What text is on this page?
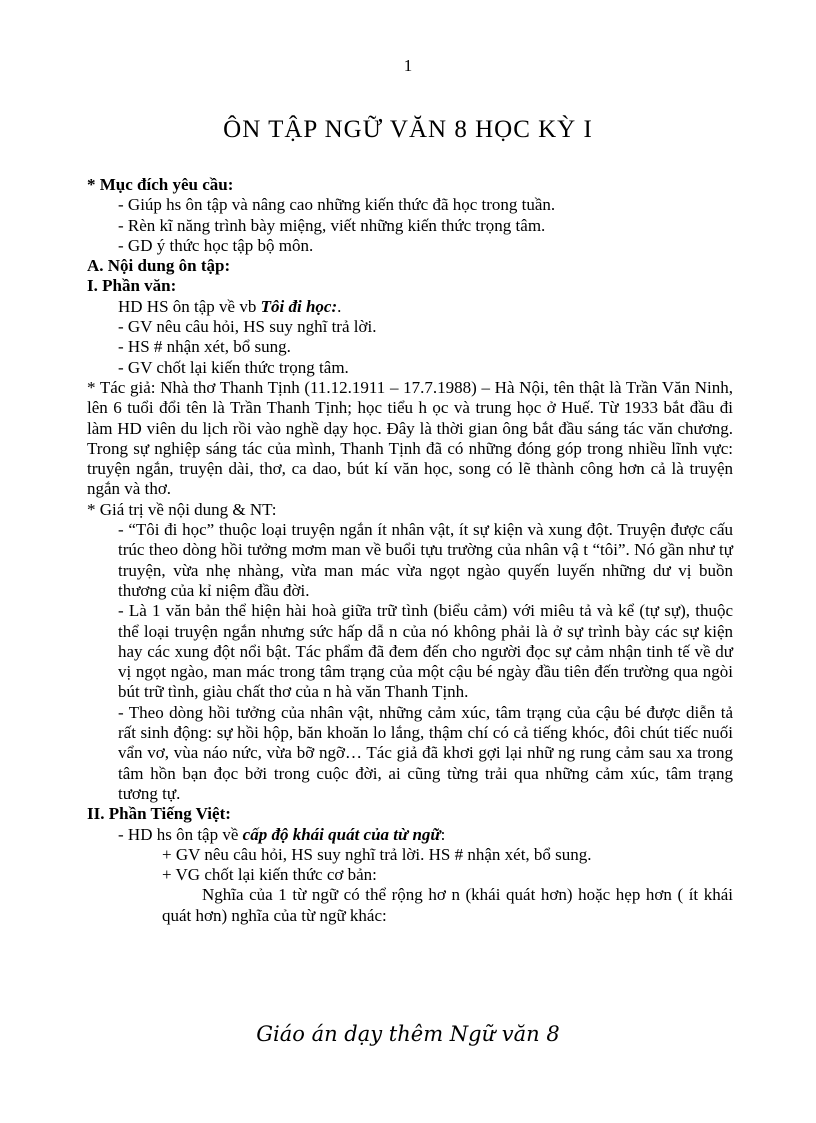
1
ÔN TẬP NGỮ VĂN 8 HỌC KỲ I

* Mục đích yêu cầu:

- Giúp hs ôn tập và nâng cao những kiến thức đã học trong tuần.

- Rèn kĩ năng trình bày miệng, viết những kiến thức trọng tâm.

- GD ý thức học tập bộ môn.

A. Nội dung ôn tập:

I. Phần văn:

HD HS ôn tập về vb Tôi đi học:.

- GV nêu câu hỏi, HS suy nghĩ trả lời.

- HS # nhận xét, bổ sung.

- GV chốt lại kiến thức trọng tâm.

* Tác giả: Nhà thơ Thanh Tịnh (11.12.1911 – 17.7.1988) – Hà Nội, tên thật là Trần Văn Ninh, lên 6 tuổi đổi tên là Trần Thanh Tịnh; học tiểu h ọc và trung học ở Huế. Từ 1933 bắt đầu đi làm HD viên du lịch rồi vào nghề dạy học. Đây là thời gian ông bắt đầu sáng tác văn chương. Trong sự nghiệp sáng tác của mình, Thanh Tịnh đã có những đóng góp trong nhiều lĩnh vực: truyện ngắn, truyện dài, thơ, ca dao, bút kí văn học, song có lẽ thành công hơn cả là truyện ngắn và thơ.

* Giá trị về nội dung & NT:

- “Tôi đi học” thuộc loại truyện ngắn ít nhân vật, ít sự kiện và xung đột. Truyện được cấu trúc theo dòng hồi tưởng mơm man về buổi tựu trường của nhân vậ t “tôi”. Nó gần như tự truyện, vừa nhẹ nhàng, vừa man mác vừa ngọt ngào quyến luyến những dư vị buồn thương của kỉ niệm đầu đời.

- Là 1 văn bản thể hiện hài hoà giữa trữ tình (biểu cảm) với miêu tả và kể (tự sự), thuộc thể loại truyện ngắn nhưng sức hấp dẫ n của nó không phải là ở sự trình bày các sự kiện hay các xung đột nổi bật. Tác phẩm đã đem đến cho người đọc sự cảm nhận tinh tế về dư vị ngọt ngào, man mác trong tâm trạng của một cậu bé ngày đầu tiên đến trường qua ngòi bút trữ tình, giàu chất thơ của n hà văn Thanh Tịnh.

- Theo dòng hồi tưởng của nhân vật, những cảm xúc, tâm trạng của cậu bé được diễn tả rất sinh động: sự hồi hộp, băn khoăn lo lắng, thậm chí có cả tiếng khóc, đôi chút tiếc nuối vẩn vơ, vùa náo nức, vừa bỡ ngỡ… Tác giả đã khơi gợi lại nhữ ng rung cảm sau xa trong tâm hồn bạn đọc bởi trong cuộc đời, ai cũng từng trải qua những cảm xúc, tâm trạng tương tự.

II. Phần Tiếng Việt:

- HD hs ôn tập về cấp độ khái quát của từ ngữ:

+ GV nêu câu hỏi, HS suy nghĩ trả lời. HS # nhận xét, bổ sung.

+ VG chốt lại kiến thức cơ bản:

Nghĩa của 1 từ ngữ có thể rộng hơ n (khái quát hơn) hoặc hẹp hơn ( ít khái quát hơn) nghĩa của từ ngữ khác:

Giáo án dạy thêm Ngữ văn 8
